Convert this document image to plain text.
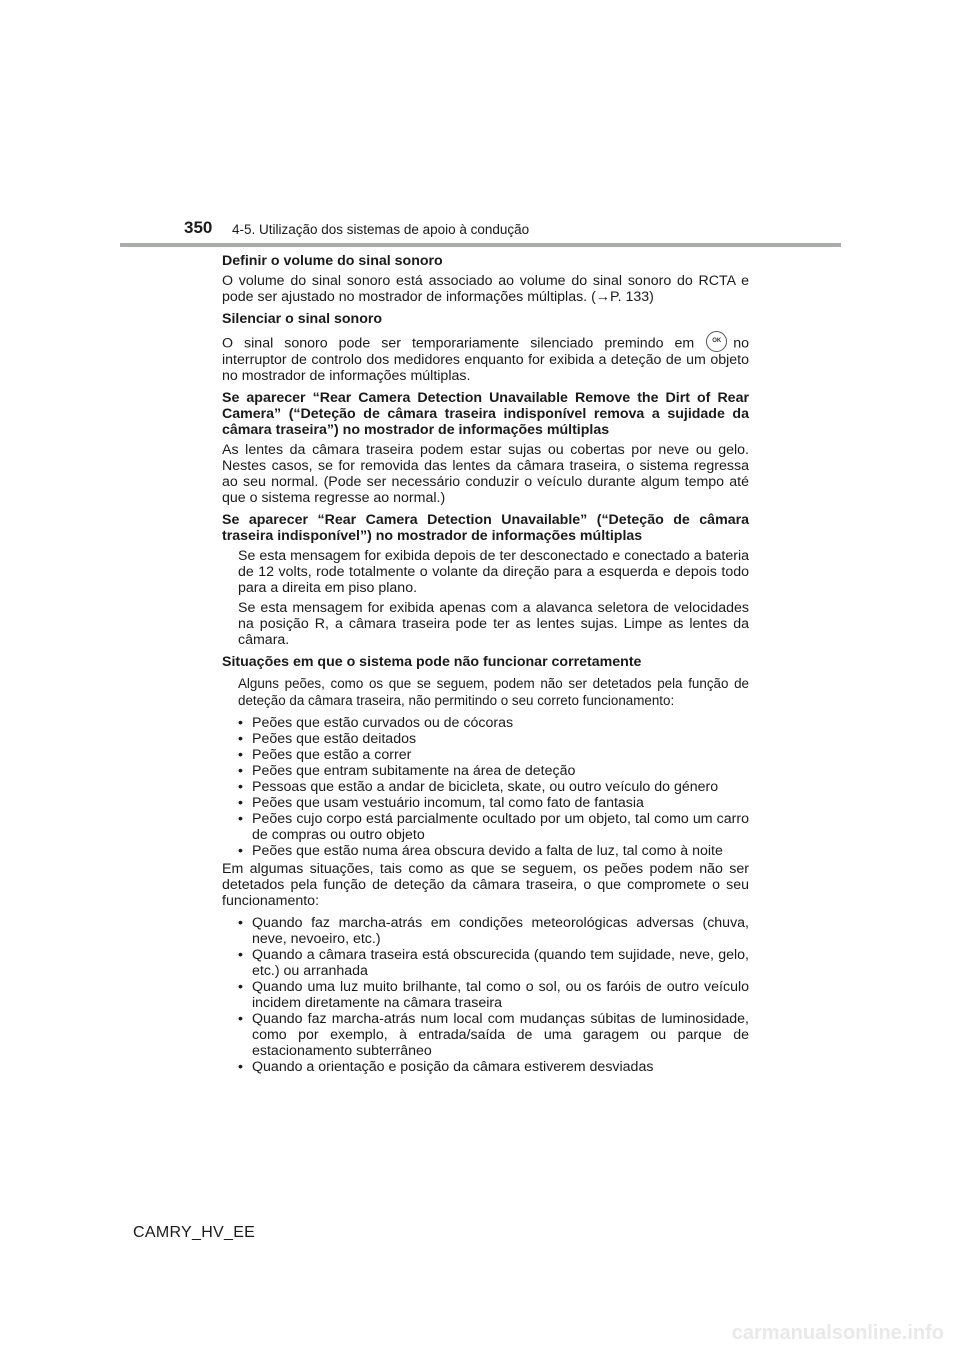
350 4-5. Utilização dos sistemas de apoio à condução

Definir o volume do sinal sonoro

O volume do sinal sonoro está associado ao volume do sinal sonoro do RCTA e pode ser ajustado no mostrador de informações múltiplas. (→P. 133)

Silenciar o sinal sonoro

O sinal sonoro pode ser temporariamente silenciado premindo em	OK no interruptor de controlo dos medidores enquanto for exibida a deteção de um objeto no mostrador de informações múltiplas.

Se aparecer “Rear Camera Detection Unavailable Remove the Dirt of Rear Camera” (“Deteção de câmara traseira indisponível remova a sujidade da câmara traseira”) no mostrador de informações múltiplas

As lentes da câmara traseira podem estar sujas ou cobertas por neve ou gelo. Nestes casos, se for removida das lentes da câmara traseira, o sistema regressa ao seu normal. (Pode ser necessário conduzir o veículo durante algum tempo até que o sistema regresse ao normal.)

Se aparecer “Rear Camera Detection Unavailable” (“Deteção de câmara traseira indisponível”) no mostrador de informações múltiplas

Se esta mensagem for exibida depois de ter desconectado e conectado a bateria de 12 volts, rode totalmente o volante da direção para a esquerda e depois todo para a direita em piso plano.

Se esta mensagem for exibida apenas com a alavanca seletora de velocidades na posição R, a câmara traseira pode ter as lentes sujas. Limpe as lentes da câmara.

Situações em que o sistema pode não funcionar corretamente

Alguns peões, como os que se seguem, podem não ser detetados pela função de deteção da câmara traseira, não permitindo o seu correto funcionamento:

• Peões que estão curvados ou de cócoras
• Peões que estão deitados
• Peões que estão a correr
• Peões que entram subitamente na área de deteção
• Pessoas que estão a andar de bicicleta, skate, ou outro veículo do género
• Peões que usam vestuário incomum, tal como fato de fantasia
• Peões cujo corpo está parcialmente ocultado por um objeto, tal como um carro de compras ou outro objeto
• Peões que estão numa área obscura devido a falta de luz, tal como à noite

Em algumas situações, tais como as que se seguem, os peões podem não ser detetados pela função de deteção da câmara traseira, o que compromete o seu funcionamento:

• Quando faz marcha-atrás em condições meteorológicas adversas (chuva, neve, nevoeiro, etc.)
• Quando a câmara traseira está obscurecida (quando tem sujidade, neve, gelo, etc.) ou arranhada
• Quando uma luz muito brilhante, tal como o sol, ou os faróis de outro veículo incidem diretamente na câmara traseira
• Quando faz marcha-atrás num local com mudanças súbitas de luminosidade, como por exemplo, à entrada/saída de uma garagem ou parque de estacionamento subterrâneo
• Quando a orientação e posição da câmara estiverem desviadas
CAMRY_HV_EE
carmanualsonline.info
